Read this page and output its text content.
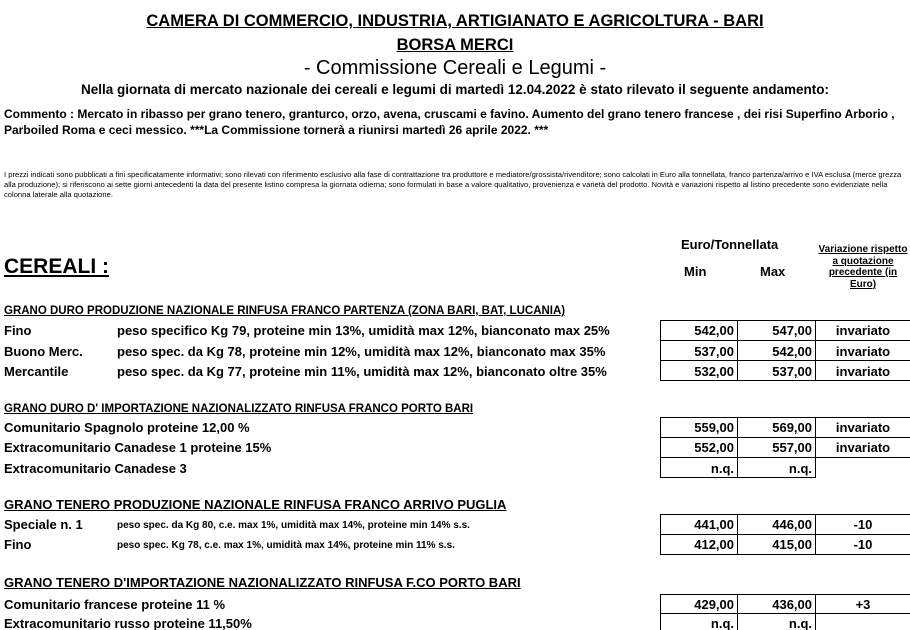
CAMERA DI COMMERCIO, INDUSTRIA, ARTIGIANATO E AGRICOLTURA - BARI
BORSA MERCI
- Commissione Cereali e Legumi -
Nella giornata di mercato nazionale dei cereali e legumi di martedì 12.04.2022 è stato rilevato il seguente andamento:
Commento : Mercato in ribasso per grano tenero, granturco, orzo, avena, cruscami e favino. Aumento del grano tenero francese , dei risi Superfino Arborio , Parboiled Roma e ceci messico. ***La Commissione tornerà a riunirsi martedì 26 aprile 2022. ***
I prezzi indicati sono pubblicati a fini specificatamente informativi; sono rilevati con riferimento esclusivo alla fase di contrattazione tra produttore e mediatore/grossista/rivenditore; sono calcolati in Euro alla tonnellata, franco partenza/arrivo e IVA esclusa (merce grezza alla produzione); si riferiscono ai sette giorni antecedenti la data del presente listino compresa la giornata odierna; sono formulati in base a valore qualitativo, provenienza e varietà del prodotto. Novità e variazioni rispetto al listino precedente sono evidenziate nella colonna laterale alla quotazione.
CEREALI :
Euro/Tonnellata
Min	Max
Variazione rispetto a quotazione precedente (in Euro)
GRANO DURO PRODUZIONE NAZIONALE RINFUSA FRANCO PARTENZA (ZONA BARI, BAT, LUCANIA)
Fino	peso specifico Kg 79, proteine min 13%, umidità max 12%, bianconato max 25%	542,00	547,00	invariato
Buono Merc.	peso spec. da Kg 78, proteine min 12%, umidità max 12%, bianconato max 35%	537,00	542,00	invariato
Mercantile	peso spec. da Kg 77, proteine min 11%, umidità max 12%, bianconato oltre 35%	532,00	537,00	invariato
GRANO DURO D' IMPORTAZIONE NAZIONALIZZATO RINFUSA FRANCO PORTO BARI
Comunitario Spagnolo proteine 12,00 %	559,00	569,00	invariato
Extracomunitario Canadese 1 proteine 15%	552,00	557,00	invariato
Extracomunitario Canadese 3	n.q.	n.q.
GRANO TENERO PRODUZIONE NAZIONALE RINFUSA FRANCO ARRIVO PUGLIA
Speciale n. 1	peso spec. da Kg 80, c.e. max 1%, umidità max 14%, proteine min 14% s.s.	441,00	446,00	-10
Fino	peso spec. Kg 78, c.e. max 1%, umidità max 14%, proteine min 11% s.s.	412,00	415,00	-10
GRANO TENERO D'IMPORTAZIONE NAZIONALIZZATO RINFUSA F.CO PORTO BARI
Comunitario francese proteine 11 %	429,00	436,00	+3
Extracomunitario russo proteine 11,50%	n.q.	n.q.
